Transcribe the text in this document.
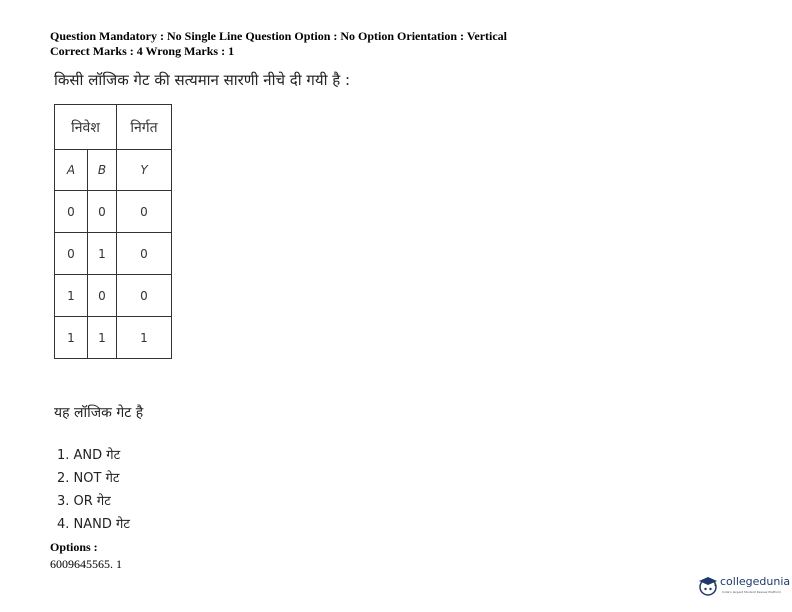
Question Mandatory : No Single Line Question Option : No Option Orientation : Vertical
Correct Marks : 4 Wrong Marks : 1
किसी लॉजिक गेट की सत्यमान सारणी नीचे दी गयी है :
निवेश		निर्गत
A	B	Y
0	0	0
0	1	0
1	0	0
1	1	1
यह लॉजिक गेट है
1. AND गेट
2. NOT गेट
3. OR गेट
4. NAND गेट
Options :
6009645565. 1
collegedunia
India's largest Student Review Platform
